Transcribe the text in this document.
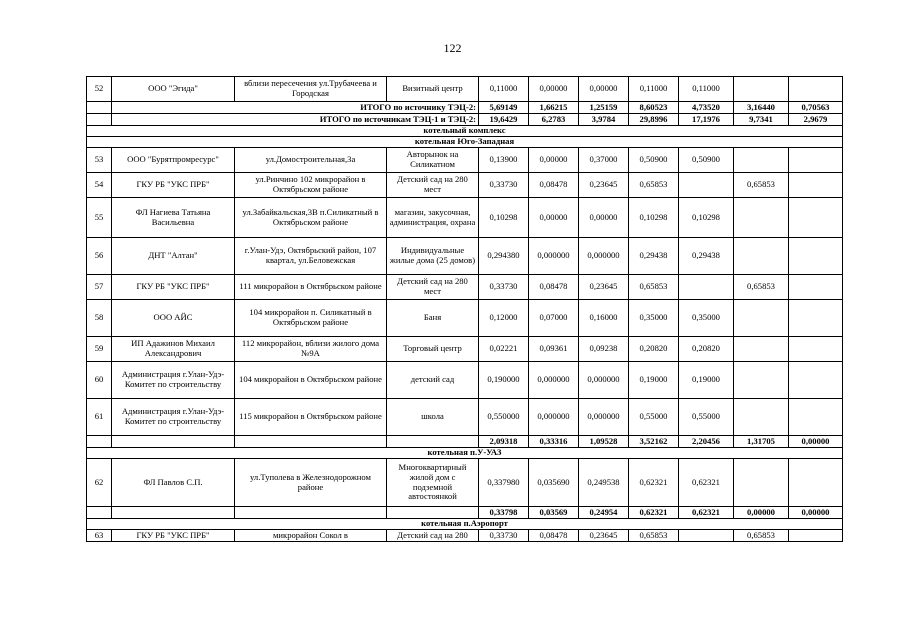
122
52	ООО "Эгида"	вблизи пересечения ул.Трубачеева и Городская	Визитный центр	0,11000	0,00000	0,00000	0,11000	0,11000		
	ИТОГО по источнику ТЭЦ-2:			5,69149	1,66215	1,25159	8,60523	4,73520	3,16440	0,70563
	ИТОГО по источникам ТЭЦ-1 и ТЭЦ-2:			19,6429	6,2783	3,9784	29,8996	17,1976	9,7341	2,9679
котельный комплекс										
котельная Юго-Западная										
53	ООО "Бурятпромресурс"	ул.Домостроительная,3а	Авторынок на Силикатном	0,13900	0,00000	0,37000	0,50900	0,50900		
54	ГКУ РБ "УКС ПРБ"	ул.Ринчино 102 микрорайон в Октябрьском районе	Детский сад на 280 мест	0,33730	0,08478	0,23645	0,65853		0,65853	
55	ФЛ Нагиева Татьяна Васильевна	ул.Забайкальская,3В п.Силикатный в Октябрьском районе	магазин, закусочная, администрация, охрана	0,10298	0,00000	0,00000	0,10298	0,10298		
56	ДНТ "Алтан"	г.Улан-Удэ, Октябрьский район, 107 квартал, ул.Беловежская	Индивидуальные жилые дома (25 домов)	0,294380	0,000000	0,000000	0,29438	0,29438		
57	ГКУ РБ "УКС ПРБ"	111 микрорайон в Октябрьском районе	Детский сад на 280 мест	0,33730	0,08478	0,23645	0,65853		0,65853	
58	ООО АЙС	104 микрорайон п. Силикатный в Октябрьском районе	Баня	0,12000	0,07000	0,16000	0,35000	0,35000		
59	ИП Адажинов Михаил Александрович	112 микрорайон, вблизи жилого дома №9А	Торговый центр	0,02221	0,09361	0,09238	0,20820	0,20820		
60	Администрация г.Улан-Удэ-Комитет по строительству	104 микрорайон в Октябрьском районе	детский сад	0,190000	0,000000	0,000000	0,19000	0,19000		
61	Администрация г.Улан-Удэ-Комитет по строительству	115 микрорайон в Октябрьском районе	школа	0,550000	0,000000	0,000000	0,55000	0,55000		
				2,09318	0,33316	1,09528	3,52162	2,20456	1,31705	0,00000
котельная п.У-УАЗ										
62	ФЛ Павлов С.П.	ул.Туполева в Железнодорожном районе	Многоквартирный жилой дом с подземной автостоянкой	0,337980	0,035690	0,249538	0,62321	0,62321		
				0,33798	0,03569	0,24954	0,62321	0,62321	0,00000	0,00000
котельная п.Аэропорт										
63	ГКУ РБ "УКС ПРБ"	микрорайон Сокол в	Детский сад на 280	0,33730	0,08478	0,23645	0,65853		0,65853	
